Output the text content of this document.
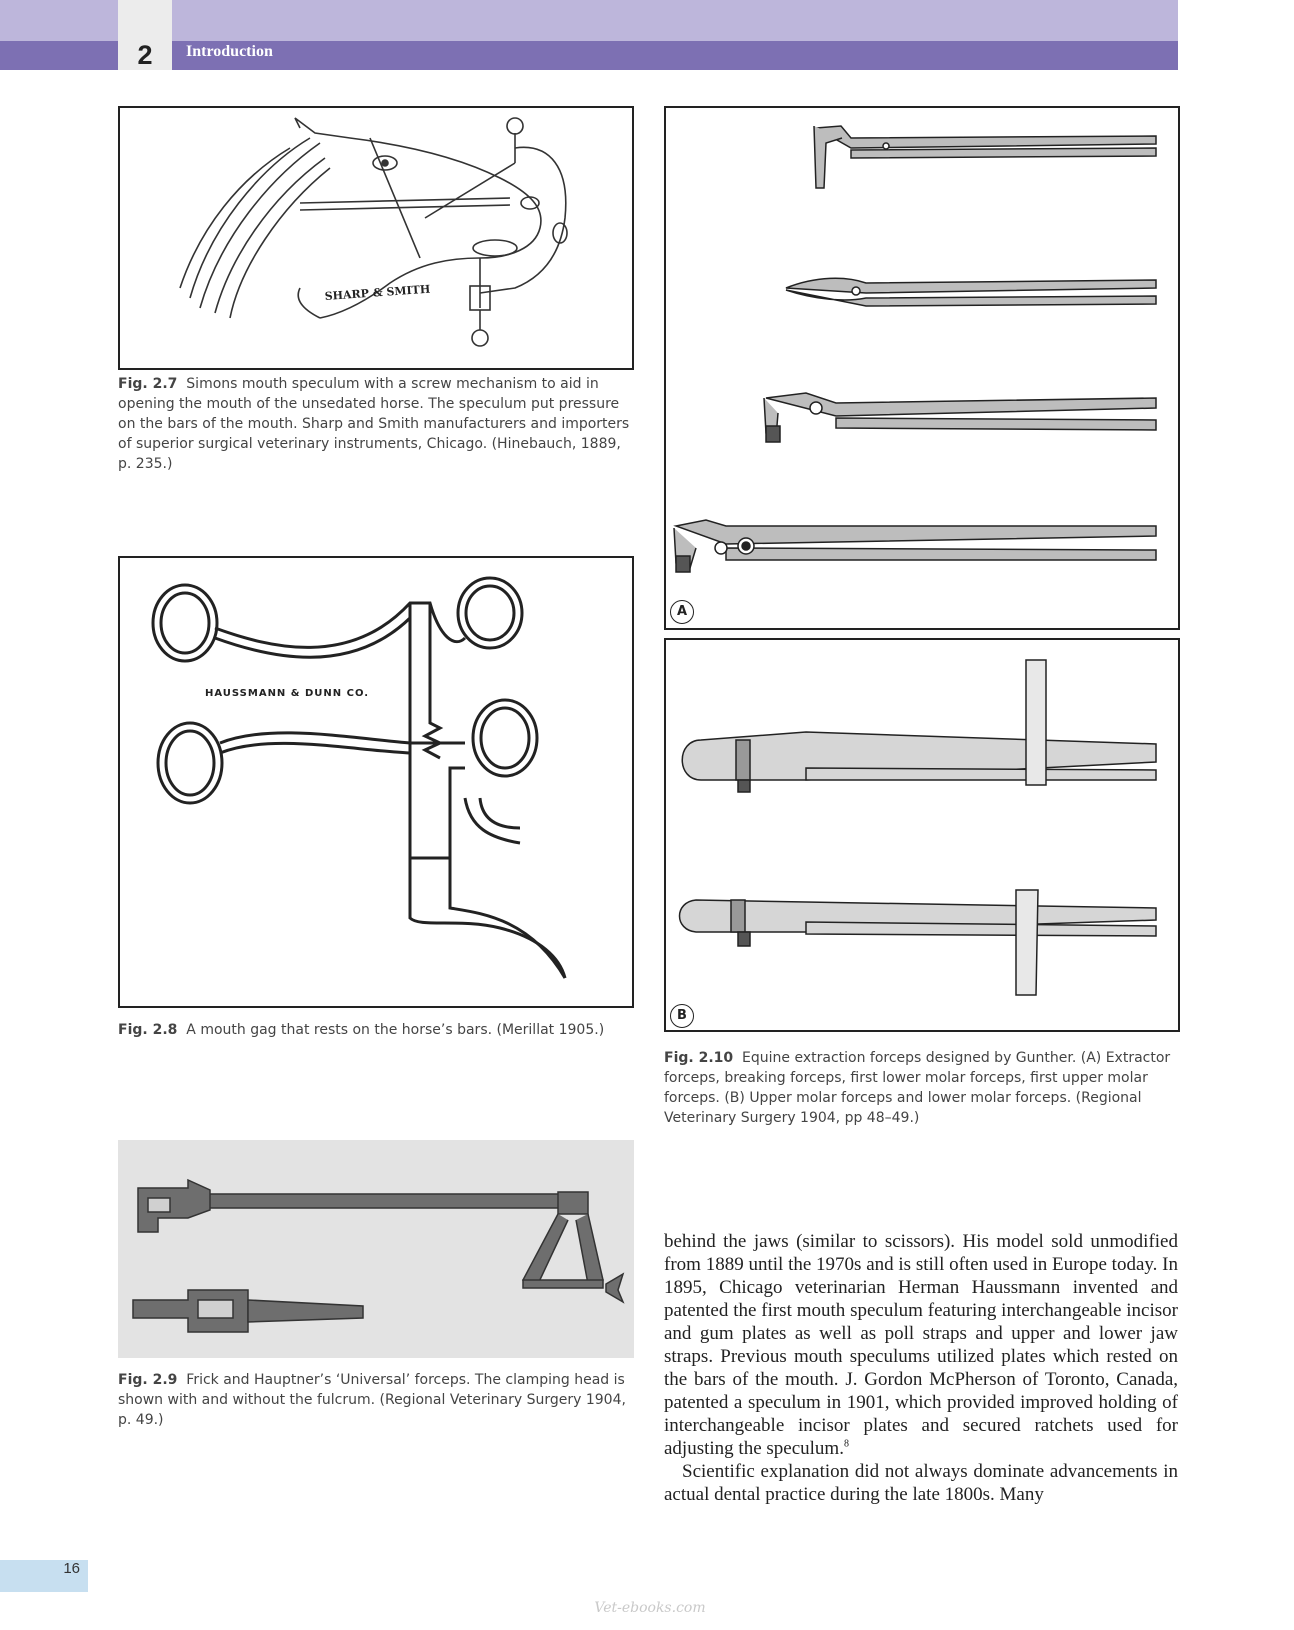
2	Introduction
SHARP & SMITH
Fig. 2.7 Simons mouth speculum with a screw mechanism to aid in opening the mouth of the unsedated horse. The speculum put pressure on the bars of the mouth. Sharp and Smith manufacturers and importers of superior surgical veterinary instruments, Chicago. (Hinebauch, 1889, p. 235.)
HAUSSMANN & DUNN CO.
Fig. 2.8 A mouth gag that rests on the horse’s bars. (Merillat 1905.)
Fig. 2.9 Frick and Hauptner’s ‘Universal’ forceps. The clamping head is shown with and without the fulcrum. (Regional Veterinary Surgery 1904, p. 49.)
A
B
Fig. 2.10 Equine extraction forceps designed by Gunther. (A) Extractor forceps, breaking forceps, first lower molar forceps, first upper molar forceps. (B) Upper molar forceps and lower molar forceps. (Regional Veterinary Surgery 1904, pp 48–49.)

behind the jaws (similar to scissors). His model sold unmodified from 1889 until the 1970s and is still often used in Europe today. In 1895, Chicago veterinarian Herman Haussmann invented and patented the first mouth speculum featuring interchangeable incisor and gum plates as well as poll straps and upper and lower jaw straps. Previous mouth speculums utilized plates which rested on the bars of the mouth. J. Gordon McPherson of Toronto, Canada, patented a speculum in 1901, which provided improved holding of interchangeable incisor plates and secured ratchets used for adjusting the speculum.$^8$

Scientific explanation did not always dominate advancements in actual dental practice during the late 1800s. Many

16
Vet-ebooks.com
